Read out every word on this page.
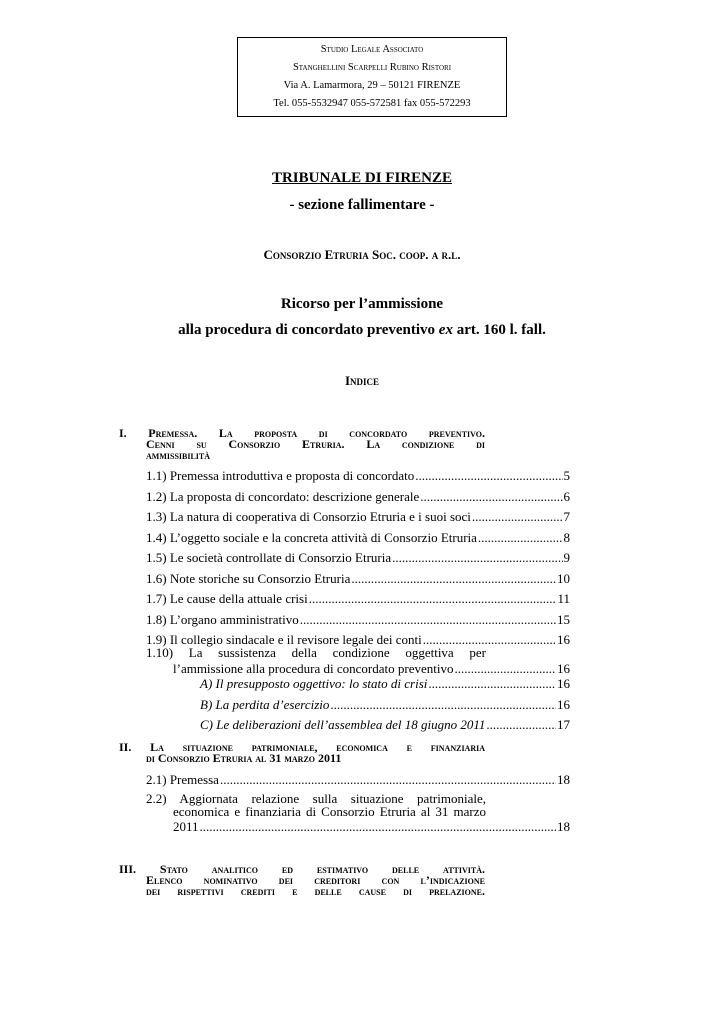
Studio Legale Associato
Stanghellini Scarpelli Rubino Ristori
Via A. Lamarmora, 29 – 50121 FIRENZE
Tel. 055-5532947 055-572581 fax 055-572293
TRIBUNALE DI FIRENZE
- sezione fallimentare -
Consorzio Etruria Soc. coop. a r.l.
Ricorso per l’ammissione
alla procedura di concordato preventivo ex art. 160 l. fall.
Indice
I. Premessa. La proposta di concordato preventivo.
Cenni su Consorzio Etruria. La condizione di
ammissibilità
1.1) Premessa introduttiva e proposta di concordato .....	5
1.2) La proposta di concordato: descrizione generale .....	6
1.3) La natura di cooperativa di Consorzio Etruria e i suoi soci .....	7
1.4) L’oggetto sociale e la concreta attività di Consorzio Etruria .....	8
1.5) Le società controllate di Consorzio Etruria .....	9
1.6) Note storiche su Consorzio Etruria .....	10
1.7) Le cause della attuale crisi .....	11
1.8) L’organo amministrativo .....	15
1.9) Il collegio sindacale e il revisore legale dei conti .....	16
1.10) La sussistenza della condizione oggettiva per
l’ammissione alla procedura di concordato preventivo .....	16
A) Il presupposto oggettivo: lo stato di crisi .....	16
B) La perdita d’esercizio .....	16
C) Le deliberazioni dell’assemblea del 18 giugno 2011 .....	17
II. La situazione patrimoniale, economica e finanziaria
di Consorzio Etruria al 31 marzo 2011
2.1) Premessa .....	18
2.2) Aggiornata relazione sulla situazione patrimoniale,
economica e finanziaria di Consorzio Etruria al 31 marzo
2011 .....	18
III. Stato analitico ed estimativo delle attività.
Elenco nominativo dei creditori con l’indicazione
dei rispettivi crediti e delle cause di prelazione.
